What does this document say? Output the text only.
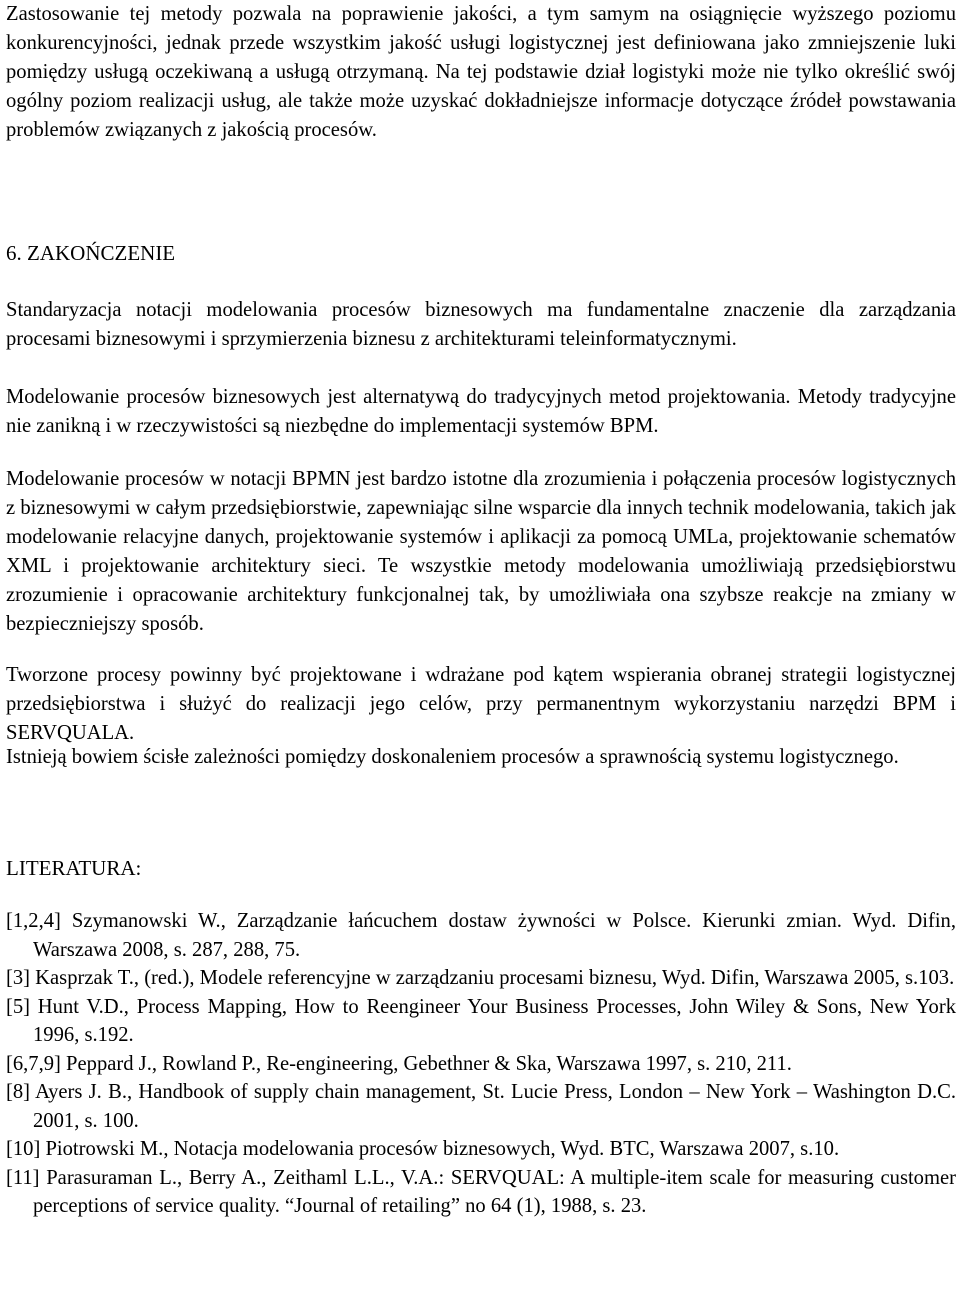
Zastosowanie tej metody pozwala na poprawienie jakości, a tym samym na osiągnięcie wyższego poziomu konkurencyjności, jednak przede wszystkim jakość usługi logistycznej jest definiowana jako zmniejszenie luki pomiędzy usługą oczekiwaną a usługą otrzymaną. Na tej podstawie dział logistyki może nie tylko określić swój ogólny poziom realizacji usług, ale także może uzyskać dokładniejsze informacje dotyczące źródeł powstawania problemów związanych z jakością procesów.

6. ZAKOŃCZENIE

Standaryzacja notacji modelowania procesów biznesowych ma fundamentalne znaczenie dla zarządzania procesami biznesowymi i sprzymierzenia biznesu z architekturami teleinformatycznymi.

Modelowanie procesów biznesowych jest alternatywą do tradycyjnych metod projektowania. Metody tradycyjne nie zanikną i w rzeczywistości są niezbędne do implementacji systemów BPM.

Modelowanie procesów w notacji BPMN jest bardzo istotne dla zrozumienia i połączenia procesów logistycznych z biznesowymi w całym przedsiębiorstwie, zapewniając silne wsparcie dla innych technik modelowania, takich jak modelowanie relacyjne danych, projektowanie systemów i aplikacji za pomocą UMLa, projektowanie schematów XML i projektowanie architektury sieci. Te wszystkie metody modelowania umożliwiają przedsiębiorstwu zrozumienie i opracowanie architektury funkcjonalnej tak, by umożliwiała ona szybsze reakcje na zmiany w bezpieczniejszy sposób.

Tworzone procesy powinny być projektowane i wdrażane pod kątem wspierania obranej strategii logistycznej przedsiębiorstwa i służyć do realizacji jego celów, przy permanentnym wykorzystaniu narzędzi BPM i SERVQUALA.

Istnieją bowiem ścisłe zależności pomiędzy doskonaleniem procesów a sprawnością systemu logistycznego.

LITERATURA:
[1,2,4] Szymanowski W., Zarządzanie łańcuchem dostaw żywności w Polsce. Kierunki zmian. Wyd. Difin, Warszawa 2008, s. 287, 288, 75.
[3] Kasprzak T., (red.), Modele referencyjne w zarządzaniu procesami biznesu, Wyd. Difin, Warszawa 2005, s.103.
[5] Hunt V.D., Process Mapping, How to Reengineer Your Business Processes, John Wiley & Sons, New York 1996, s.192.
[6,7,9] Peppard J., Rowland P., Re-engineering, Gebethner & Ska, Warszawa 1997, s. 210, 211.
[8] Ayers J. B., Handbook of supply chain management, St. Lucie Press, London – New York – Washington D.C. 2001, s. 100.
[10] Piotrowski M., Notacja modelowania procesów biznesowych, Wyd. BTC, Warszawa 2007, s.10.
[11] Parasuraman L., Berry A., Zeithaml L.L., V.A.: SERVQUAL: A multiple-item scale for measuring customer perceptions of service quality. “Journal of retailing” no 64 (1), 1988, s. 23.
